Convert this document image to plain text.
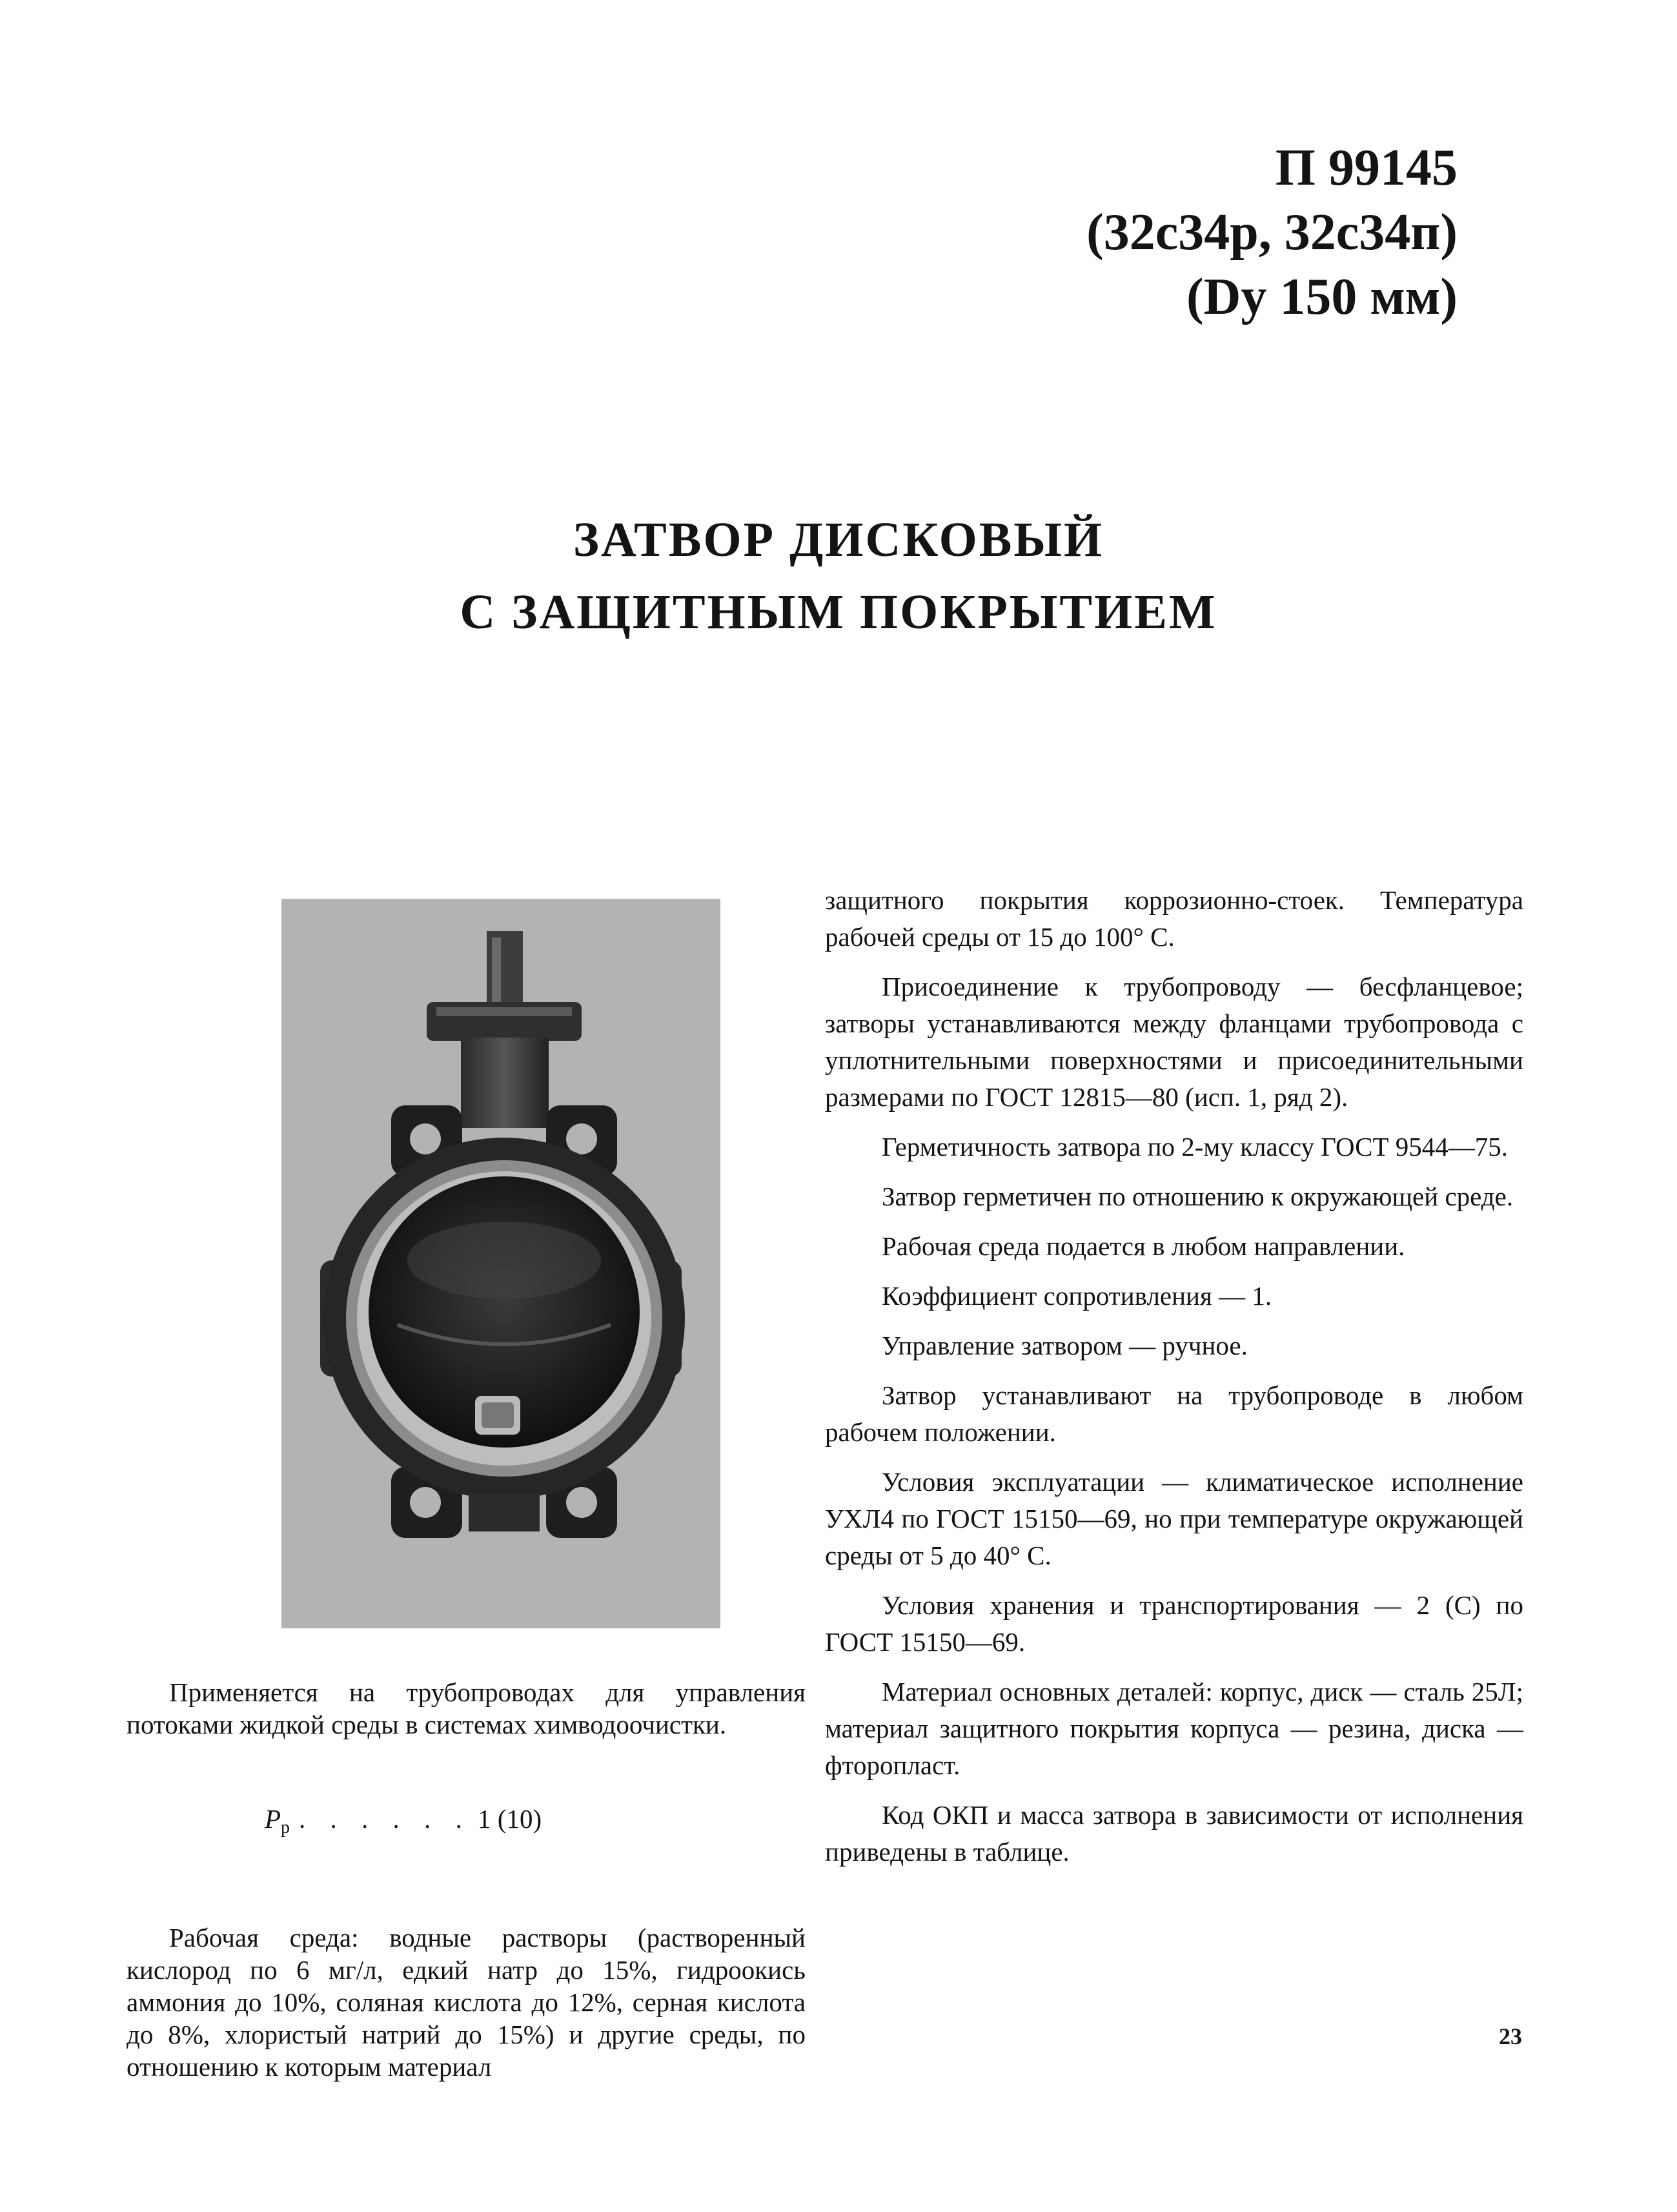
П 99145
(32с34р, 32с34п)
(Dy 150 мм)
ЗАТВОР ДИСКОВЫЙ
С ЗАЩИТНЫМ ПОКРЫТИЕМ

Применяется на трубопроводах для управления потоками жидкой среды в системах химводоочистки.

$P_р$ . . . . . . 1 (10)

Рабочая среда: водные растворы (растворенный кислород по 6 мг/л, едкий натр до 15%, гидроокись аммония до 10%, соляная кислота до 12%, серная кислота до 8%, хлористый натрий до 15%) и другие среды, по отношению к которым материал

защитного покрытия коррозионно-стоек. Температура рабочей среды от 15 до 100° С.

Присоединение к трубопроводу — бесфланцевое; затворы устанавливаются между фланцами трубопровода с уплотнительными поверхностями и присоединительными размерами по ГОСТ 12815—80 (исп. 1, ряд 2).

Герметичность затвора по 2-му классу ГОСТ 9544—75.

Затвор герметичен по отношению к окружающей среде.

Рабочая среда подается в любом направлении.

Коэффициент сопротивления — 1.

Управление затвором — ручное.

Затвор устанавливают на трубопроводе в любом рабочем положении.

Условия эксплуатации — климатическое исполнение УХЛ4 по ГОСТ 15150—69, но при температуре окружающей среды от 5 до 40° С.

Условия хранения и транспортирования — 2 (С) по ГОСТ 15150—69.

Материал основных деталей: корпус, диск — сталь 25Л; материал защитного покрытия корпуса — резина, диска — фторопласт.

Код ОКП и масса затвора в зависимости от исполнения приведены в таблице.

23
